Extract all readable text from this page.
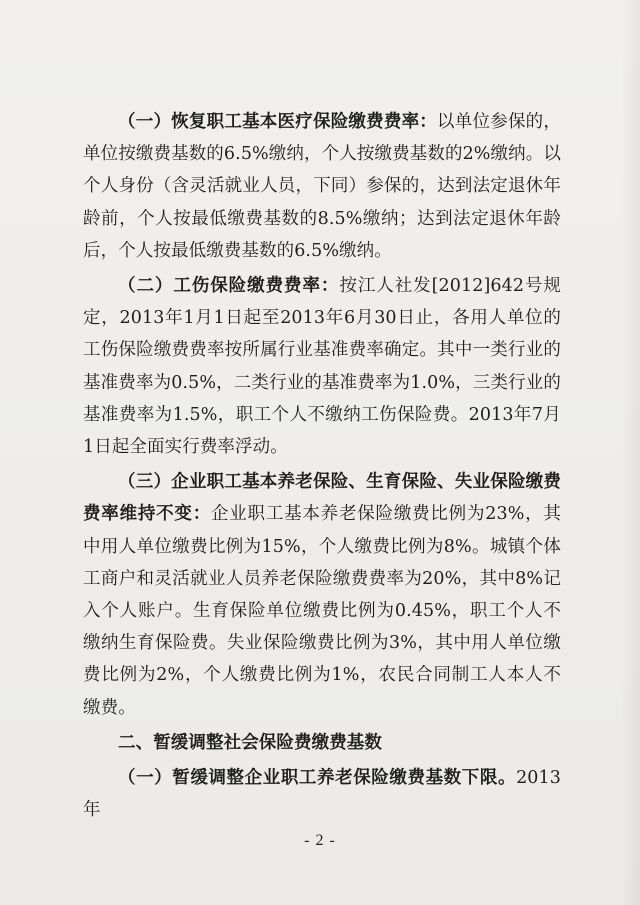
（一）恢复职工基本医疗保险缴费费率：以单位参保的，单位按缴费基数的6.5%缴纳，个人按缴费基数的2%缴纳。以个人身份（含灵活就业人员，下同）参保的，达到法定退休年龄前，个人按最低缴费基数的8.5%缴纳；达到法定退休年龄后，个人按最低缴费基数的6.5%缴纳。

（二）工伤保险缴费费率：按江人社发[2012]642号规定，2013年1月1日起至2013年6月30日止，各用人单位的工伤保险缴费费率按所属行业基准费率确定。其中一类行业的基准费率为0.5%，二类行业的基准费率为1.0%，三类行业的基准费率为1.5%，职工个人不缴纳工伤保险费。2013年7月1日起全面实行费率浮动。

（三）企业职工基本养老保险、生育保险、失业保险缴费费率维持不变：企业职工基本养老保险缴费比例为23%，其中用人单位缴费比例为15%，个人缴费比例为8%。城镇个体工商户和灵活就业人员养老保险缴费费率为20%，其中8%记入个人账户。生育保险单位缴费比例为0.45%，职工个人不缴纳生育保险费。失业保险缴费比例为3%，其中用人单位缴费比例为2%，个人缴费比例为1%，农民合同制工人本人不缴费。

二、暂缓调整社会保险费缴费基数

（一）暂缓调整企业职工养老保险缴费基数下限。2013年

- 2 -
